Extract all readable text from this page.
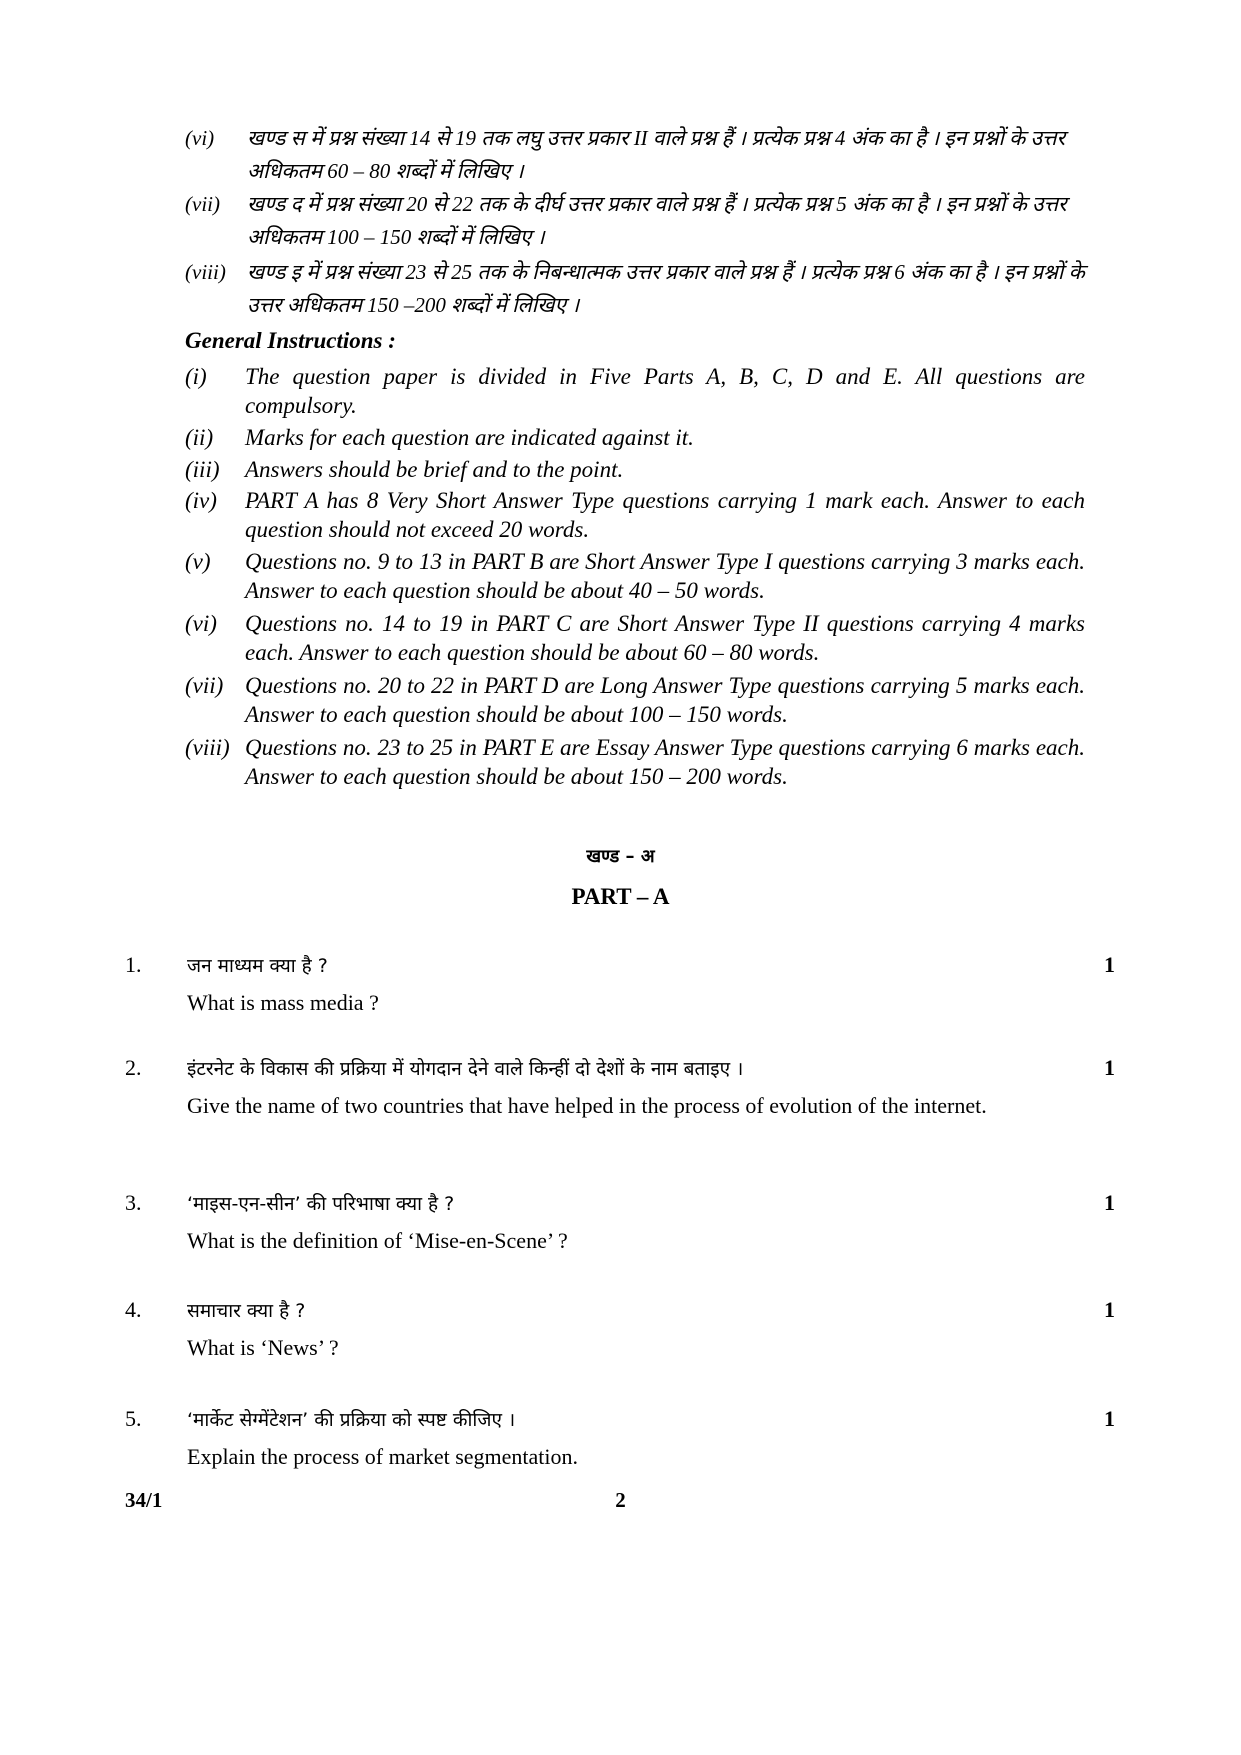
(vi)	खण्ड स में प्रश्न संख्या 14 से 19 तक लघु उत्तर प्रकार II वाले प्रश्न हैं । प्रत्येक प्रश्न 4 अंक का है । इन प्रश्नों के उत्तर अधिकतम 60 – 80 शब्दों में लिखिए ।
(vii)	खण्ड द में प्रश्न संख्या 20 से 22 तक के दीर्घ उत्तर प्रकार वाले प्रश्न हैं । प्रत्येक प्रश्न 5 अंक का है । इन प्रश्नों के उत्तर अधिकतम 100 – 150 शब्दों में लिखिए ।
(viii)	खण्ड इ में प्रश्न संख्या 23 से 25 तक के निबन्धात्मक उत्तर प्रकार वाले प्रश्न हैं । प्रत्येक प्रश्न 6 अंक का है । इन प्रश्नों के उत्तर अधिकतम 150 –200 शब्दों में लिखिए ।
General Instructions :
(i)	The question paper is divided in Five Parts A, B, C, D and E. All questions are compulsory.
(ii)	Marks for each question are indicated against it.
(iii)	Answers should be brief and to the point.
(iv)	PART A has 8 Very Short Answer Type questions carrying 1 mark each. Answer to each question should not exceed 20 words.
(v)	Questions no. 9 to 13 in PART B are Short Answer Type I questions carrying 3 marks each. Answer to each question should be about 40 – 50 words.
(vi)	Questions no. 14 to 19 in PART C are Short Answer Type II questions carrying 4 marks each. Answer to each question should be about 60 – 80 words.
(vii) Questions no. 20 to 22 in PART D are Long Answer Type questions carrying 5 marks each. Answer to each question should be about 100 – 150 words.
(viii) Questions no. 23 to 25 in PART E are Essay Answer Type questions carrying 6 marks each. Answer to each question should be about 150 – 200 words.
खण्ड – अ
PART – A
1.	1
जन माध्यम क्या है ?
What is mass media ?
2.	1
इंटरनेट के विकास की प्रक्रिया में योगदान देने वाले किन्हीं दो देशों के नाम बताइए ।
Give the name of two countries that have helped in the process of evolution of the internet.
3.	1
‘माइस-एन-सीन’ की परिभाषा क्या है ?
What is the definition of ‘Mise-en-Scene’ ?
4.	1
समाचार क्या है ?
What is ‘News’ ?
5.	1
‘मार्केट सेग्मेंटेशन’ की प्रक्रिया को स्पष्ट कीजिए ।
Explain the process of market segmentation.
34/1	2
